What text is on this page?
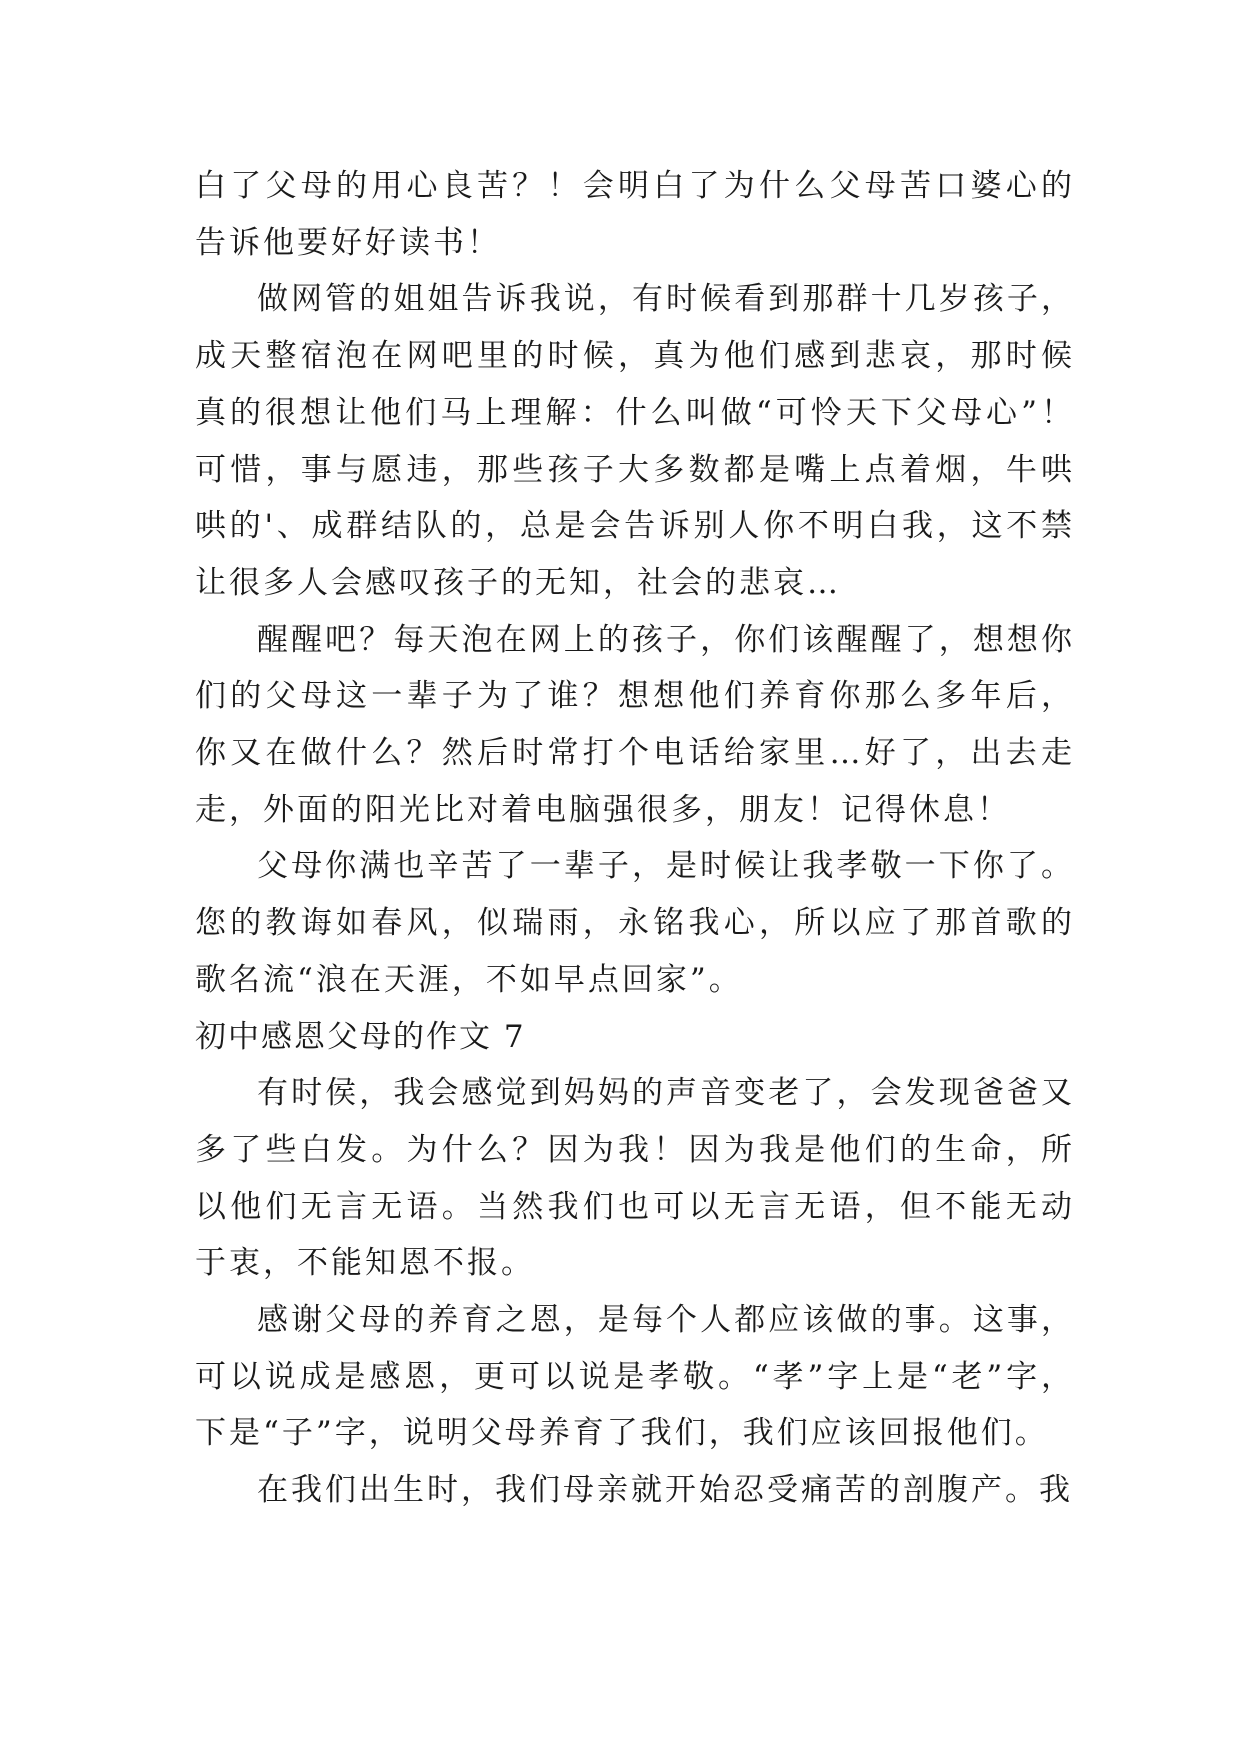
白了父母的用心良苦？！会明白了为什么父母苦口婆心的告诉他要好好读书！

做网管的姐姐告诉我说，有时候看到那群十几岁孩子，成天整宿泡在网吧里的时候，真为他们感到悲哀，那时候真的很想让他们马上理解：什么叫做“可怜天下父母心”！可惜，事与愿违，那些孩子大多数都是嘴上点着烟，牛哄哄的'、成群结队的，总是会告诉别人你不明白我，这不禁让很多人会感叹孩子的无知，社会的悲哀…

醒醒吧？每天泡在网上的孩子，你们该醒醒了，想想你们的父母这一辈子为了谁？想想他们养育你那么多年后，你又在做什么？然后时常打个电话给家里…好了，出去走走，外面的阳光比对着电脑强很多，朋友！记得休息！

父母你满也辛苦了一辈子，是时候让我孝敬一下你了。您的教诲如春风，似瑞雨，永铭我心，所以应了那首歌的歌名流“浪在天涯，不如早点回家”。

初中感恩父母的作文 7

有时侯，我会感觉到妈妈的声音变老了，会发现爸爸又多了些白发。为什么？因为我！因为我是他们的生命，所以他们无言无语。当然我们也可以无言无语，但不能无动于衷，不能知恩不报。

感谢父母的养育之恩，是每个人都应该做的事。这事，可以说成是感恩，更可以说是孝敬。“孝”字上是“老”字，下是“子”字，说明父母养育了我们，我们应该回报他们。

在我们出生时，我们母亲就开始忍受痛苦的剖腹产。我
